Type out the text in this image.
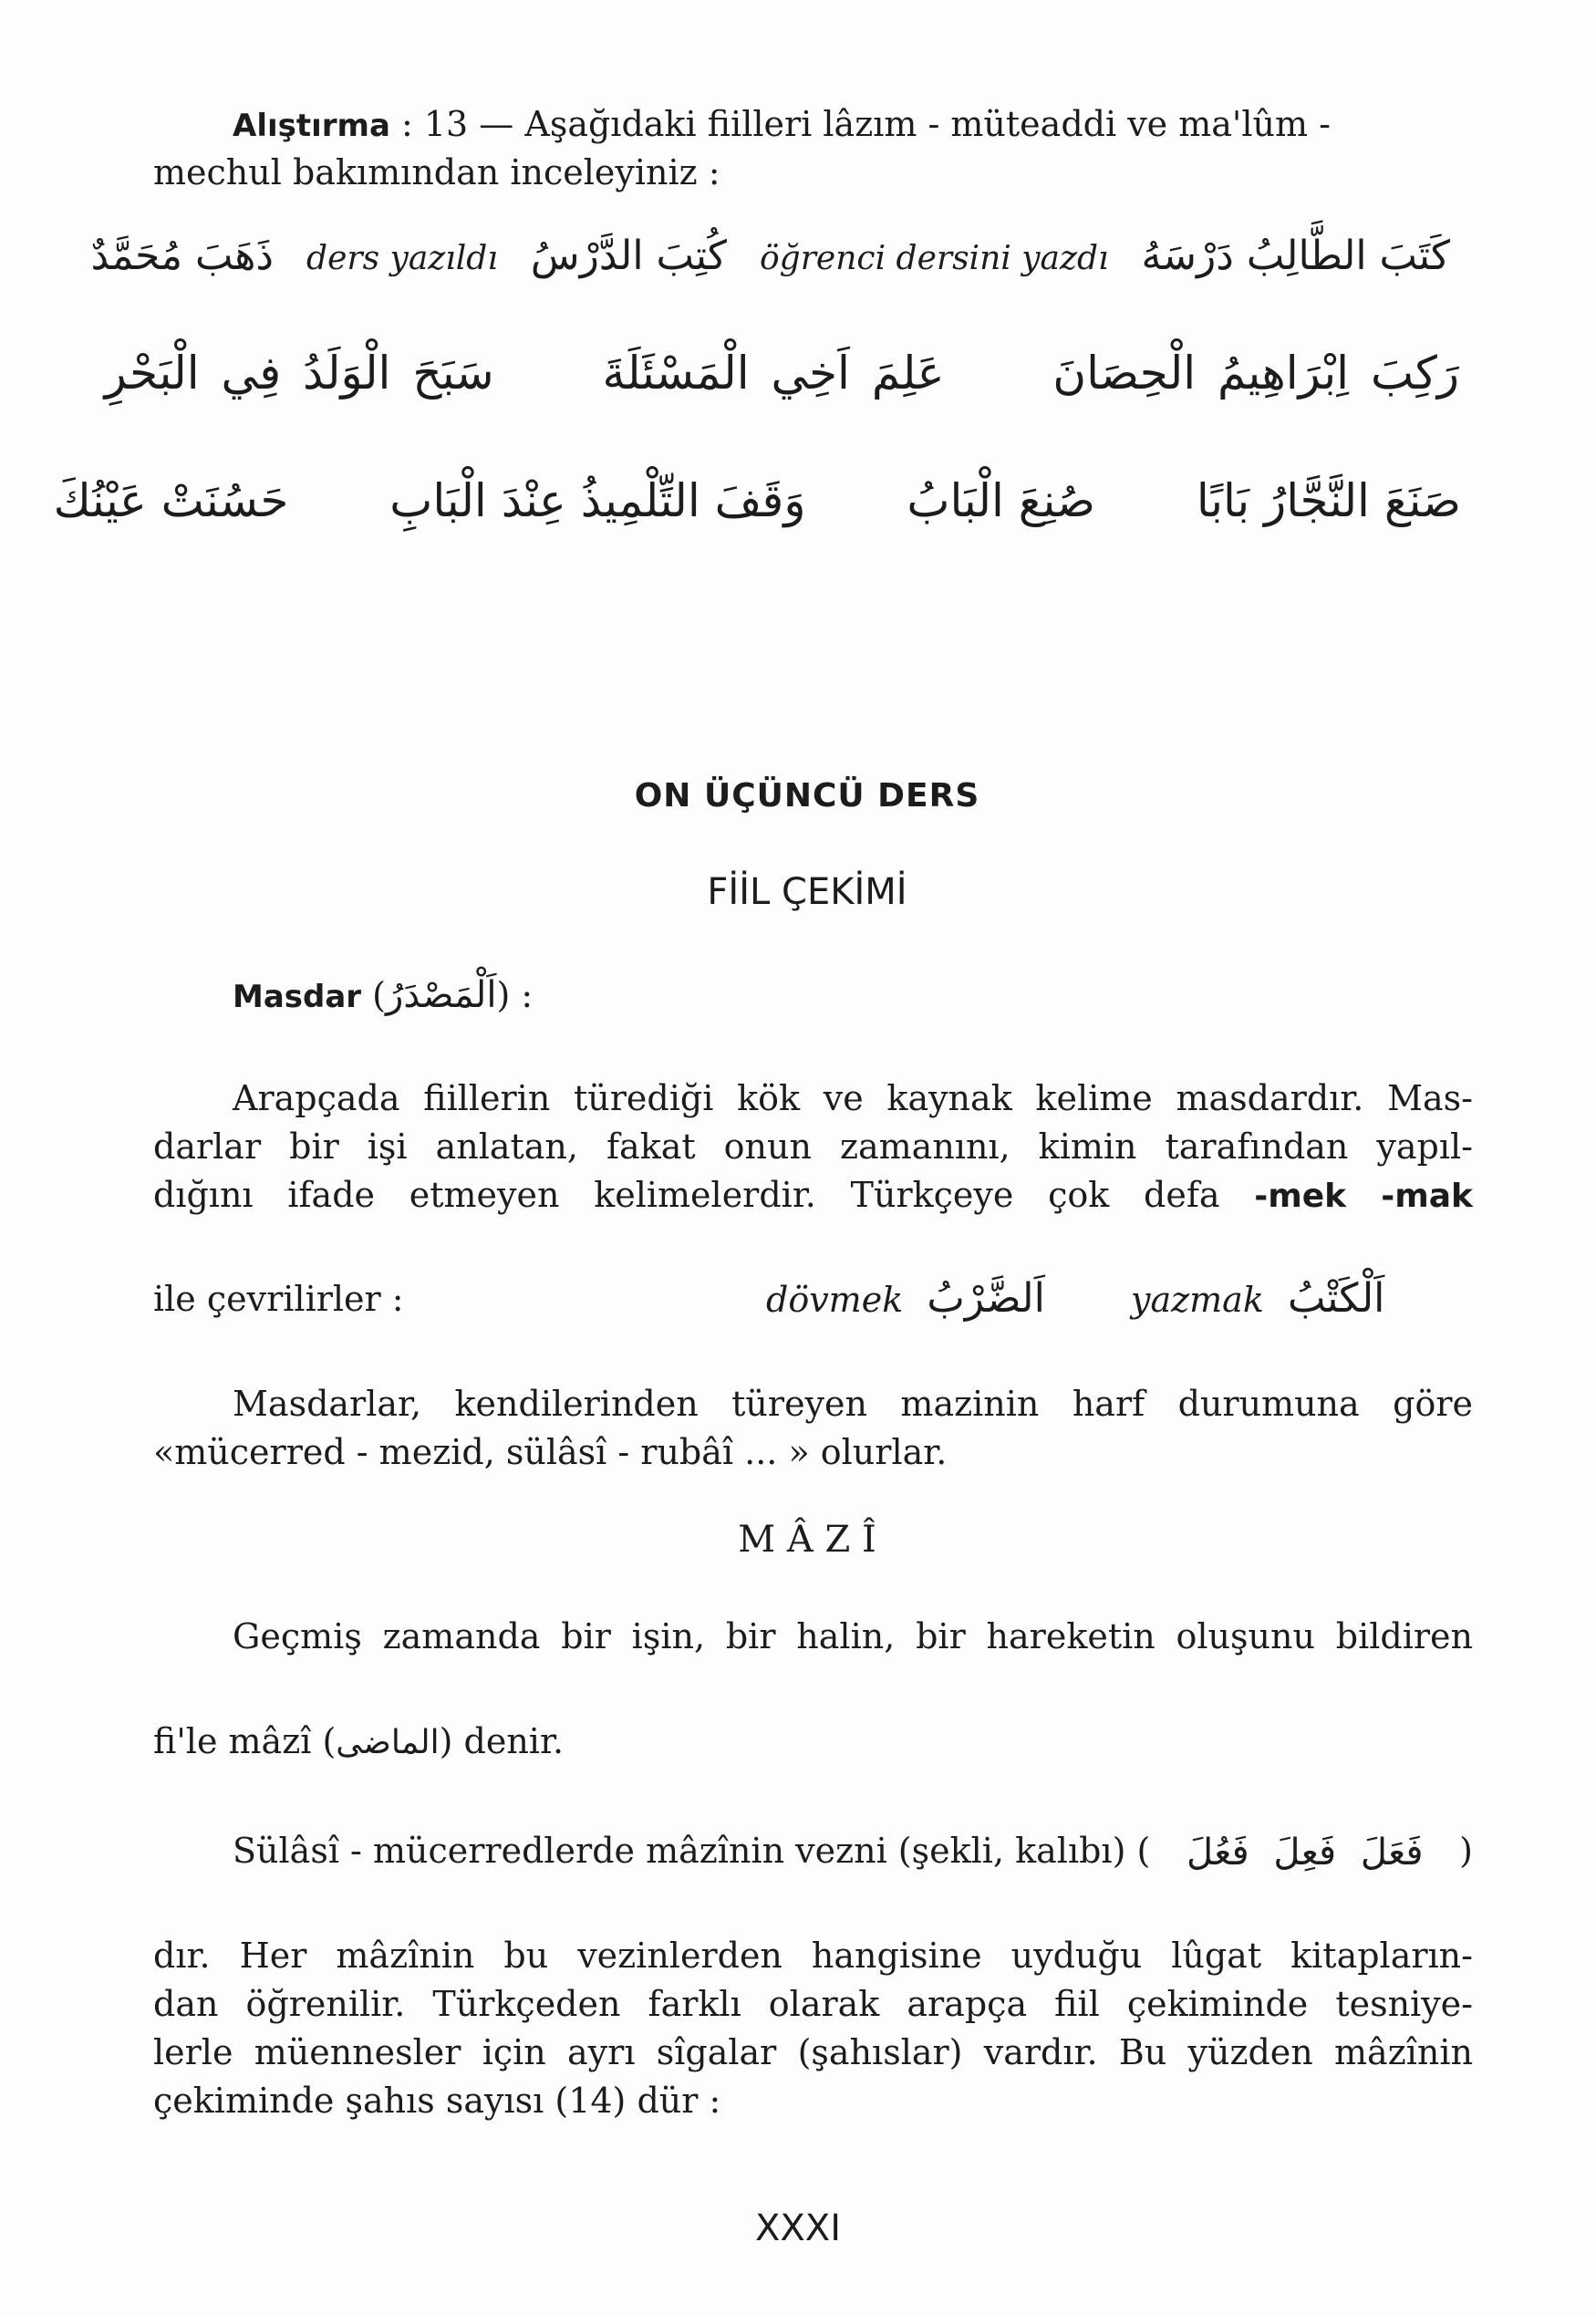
Alıştırma : 13 — Aşağıdaki fiilleri lâzım - müteaddi ve ma'lûm -
mechul bakımından inceleyiniz :
كَتَبَ الطَّالِبُ دَرْسَهُ öğrenci dersini yazdı كُتِبَ الدَّرْسُ ders yazıldı ذَهَبَ مُحَمَّدٌ
رَكِبَ اِبْرَاهِيمُ الْحِصَانَ عَلِمَ اَخِي الْمَسْئَلَةَ سَبَحَ الْوَلَدُ فِي الْبَحْرِ
صَنَعَ النَّجَّارُ بَابًا صُنِعَ الْبَابُ وَقَفَ التِّلْمِيذُ عِنْدَ الْبَابِ حَسُنَتْ عَيْنُكَ
ON ÜÇÜNCÜ DERS
FİİL ÇEKİMİ
Masdar (اَلْمَصْدَرُ) :
Arapçada fiillerin türediği kök ve kaynak kelime masdardır. Mas-
darlar bir işi anlatan, fakat onun zamanını, kimin tarafından yapıl-
dığını ifade etmeyen kelimelerdir. Türkçeye çok defa -mek -mak
ile çevrilirler :	dövmek اَلضَّرْبُ yazmak اَلْكَتْبُ
Masdarlar, kendilerinden türeyen mazinin harf durumuna göre
«mücerred - mezid, sülâsî - rubâî ... » olurlar.
M Â Z Î
Geçmiş zamanda bir işin, bir halin, bir hareketin oluşunu bildiren
fi'le mâzî (الماضى) denir.
Sülâsî - mücerredlerde mâzînin vezni (şekli, kalıbı) ( فَعَلَ فَعِلَ فَعُلَ )
dır. Her mâzînin bu vezinlerden hangisine uyduğu lûgat kitapların-
dan öğrenilir. Türkçeden farklı olarak arapça fiil çekiminde tesniye-
lerle müennesler için ayrı sîgalar (şahıslar) vardır. Bu yüzden mâzînin
çekiminde şahıs sayısı (14) dür :
XXXI
